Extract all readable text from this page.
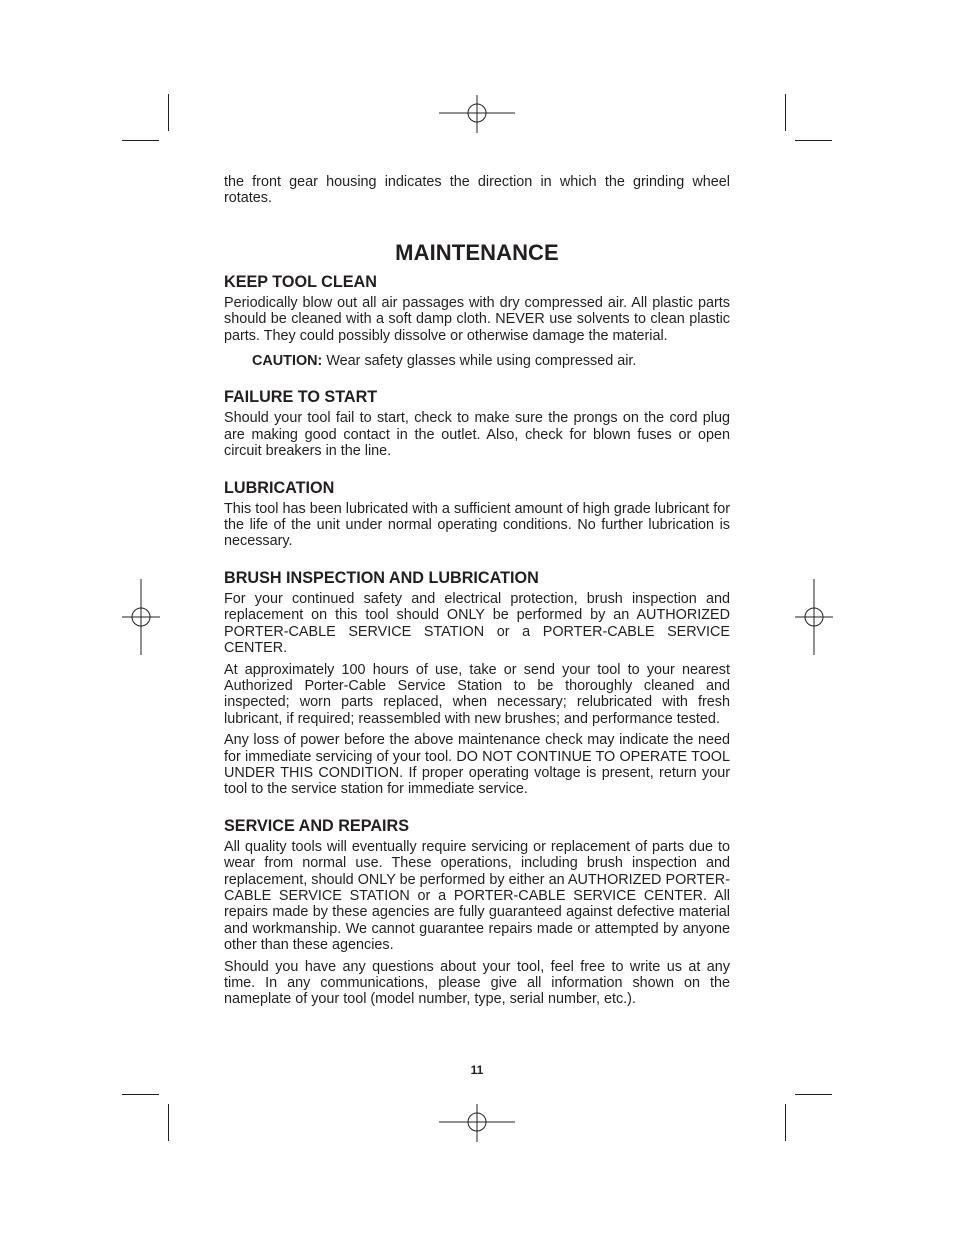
the front gear housing indicates the direction in which the grinding wheel rotates.

MAINTENANCE
KEEP TOOL CLEAN

Periodically blow out all air passages with dry compressed air. All plastic parts should be cleaned with a soft damp cloth. NEVER use solvents to clean plastic parts. They could possibly dissolve or otherwise damage the material.

CAUTION: Wear safety glasses while using compressed air.
FAILURE TO START

Should your tool fail to start, check to make sure the prongs on the cord plug are making good contact in the outlet. Also, check for blown fuses or open circuit breakers in the line.

LUBRICATION

This tool has been lubricated with a sufficient amount of high grade lubricant for the life of the unit under normal operating conditions. No further lubrication is necessary.

BRUSH INSPECTION AND LUBRICATION

For your continued safety and electrical protection, brush inspection and replacement on this tool should ONLY be performed by an AUTHORIZED PORTER-CABLE SERVICE STATION or a PORTER-CABLE SERVICE CENTER.

At approximately 100 hours of use, take or send your tool to your nearest Authorized Porter-Cable Service Station to be thoroughly cleaned and inspected; worn parts replaced, when necessary; relubricated with fresh lubricant, if required; reassembled with new brushes; and performance tested.

Any loss of power before the above maintenance check may indicate the need for immediate servicing of your tool. DO NOT CONTINUE TO OPERATE TOOL UNDER THIS CONDITION. If proper operating voltage is present, return your tool to the service station for immediate service.

SERVICE AND REPAIRS

All quality tools will eventually require servicing or replacement of parts due to wear from normal use. These operations, including brush inspection and replacement, should ONLY be performed by either an AUTHORIZED PORTER-CABLE SERVICE STATION or a PORTER-CABLE SERVICE CENTER. All repairs made by these agencies are fully guaranteed against defective material and workmanship. We cannot guarantee repairs made or attempted by anyone other than these agencies.

Should you have any questions about your tool, feel free to write us at any time. In any communications, please give all information shown on the nameplate of your tool (model number, type, serial number, etc.).

11
